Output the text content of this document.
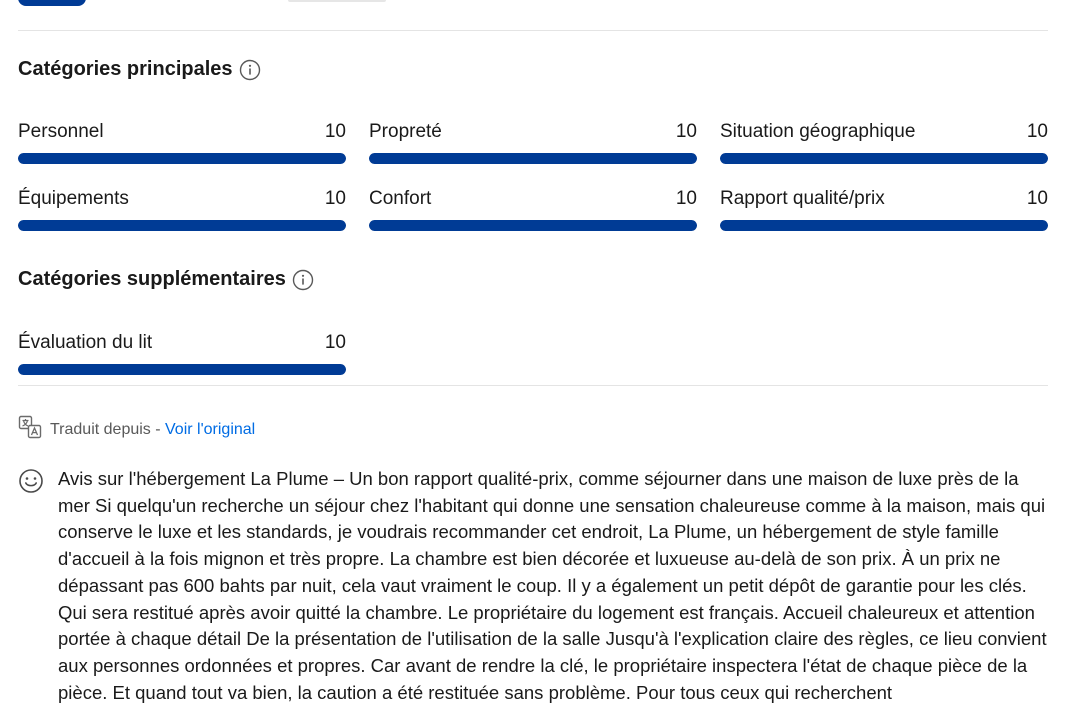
Catégories principales
Personnel	10 Propreté	10 Situation géographique	10
Équipements	10 Confort	10 Rapport qualité/prix	10
Catégories supplémentaires
Évaluation du lit	10
Traduit depuis - Voir l'original

Avis sur l'hébergement La Plume – Un bon rapport qualité-prix, comme séjourner dans une maison de luxe près de la mer Si quelqu'un recherche un séjour chez l'habitant qui donne une sensation chaleureuse comme à la maison, mais qui conserve le luxe et les standards, je voudrais recommander cet endroit, La Plume, un hébergement de style famille d'accueil à la fois mignon et très propre. La chambre est bien décorée et luxueuse au-delà de son prix. À un prix ne dépassant pas 600 bahts par nuit, cela vaut vraiment le coup. Il y a également un petit dépôt de garantie pour les clés. Qui sera restitué après avoir quitté la chambre. Le propriétaire du logement est français. Accueil chaleureux et attention portée à chaque détail De la présentation de l'utilisation de la salle Jusqu'à l'explication claire des règles, ce lieu convient aux personnes ordonnées et propres. Car avant de rendre la clé, le propriétaire inspectera l'état de chaque pièce de la pièce. Et quand tout va bien, la caution a été restituée sans problème. Pour tous ceux qui recherchent
